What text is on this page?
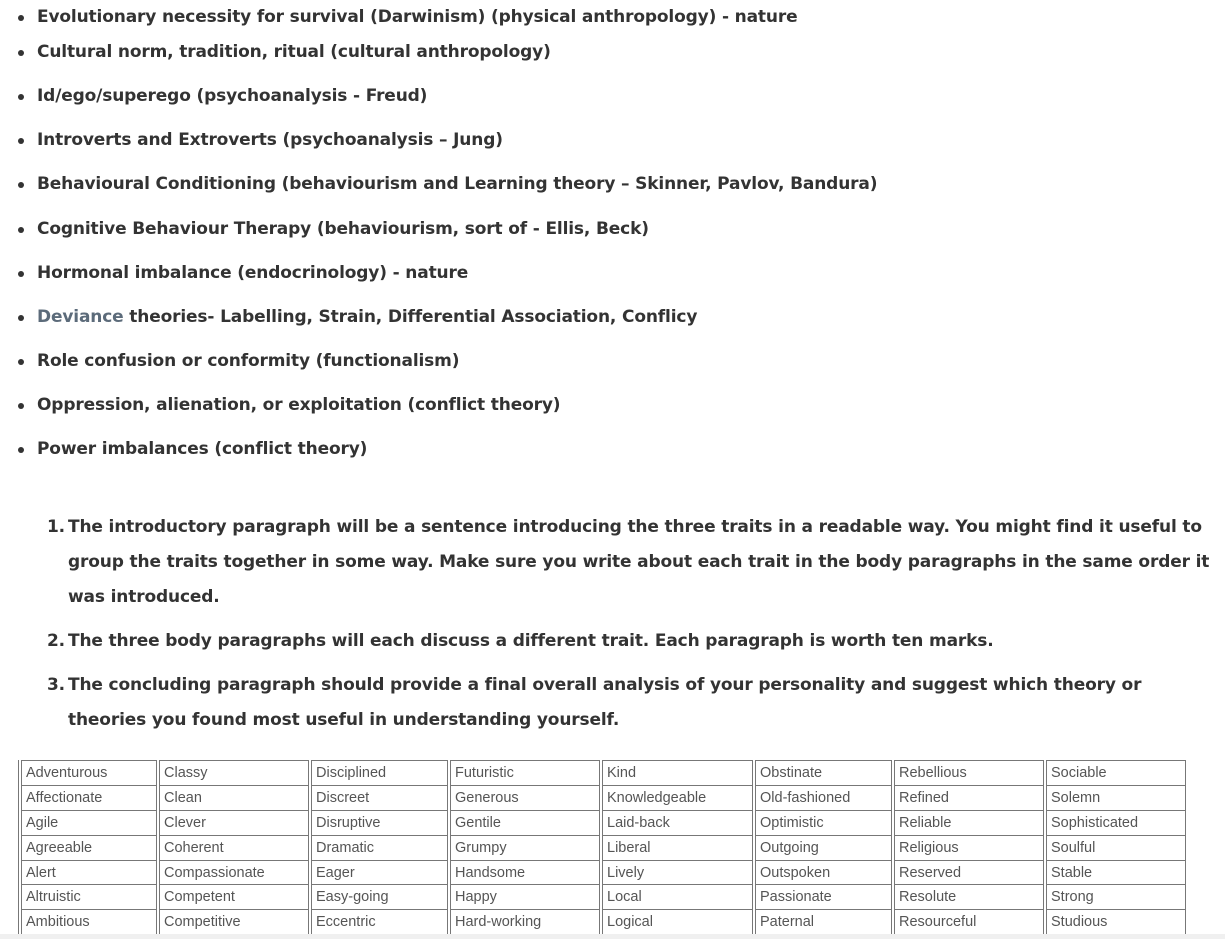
Evolutionary necessity for survival (Darwinism) (physical anthropology) - nature
Cultural norm, tradition, ritual (cultural anthropology)
Id/ego/superego (psychoanalysis - Freud)
Introverts and Extroverts (psychoanalysis – Jung)
Behavioural Conditioning (behaviourism and Learning theory – Skinner, Pavlov, Bandura)
Cognitive Behaviour Therapy (behaviourism, sort of - Ellis, Beck)
Hormonal imbalance (endocrinology) - nature
Deviance theories- Labelling, Strain, Differential Association, Conflicy
Role confusion or conformity (functionalism)
Oppression, alienation, or exploitation (conflict theory)
Power imbalances (conflict theory)
1. The introductory paragraph will be a sentence introducing the three traits in a readable way. You might find it useful to group the traits together in some way. Make sure you write about each trait in the body paragraphs in the same order it was introduced.
2. The three body paragraphs will each discuss a different trait. Each paragraph is worth ten marks.
3. The concluding paragraph should provide a final overall analysis of your personality and suggest which theory or theories you found most useful in understanding yourself.
Adventurous	Classy	Disciplined	Futuristic	Kind	Obstinate	Rebellious	Sociable
Affectionate	Clean	Discreet	Generous	Knowledgeable	Old-fashioned	Refined	Solemn
Agile	Clever	Disruptive	Gentile	Laid-back	Optimistic	Reliable	Sophisticated
Agreeable	Coherent	Dramatic	Grumpy	Liberal	Outgoing	Religious	Soulful
Alert	Compassionate	Eager	Handsome	Lively	Outspoken	Reserved	Stable
Altruistic	Competent	Easy-going	Happy	Local	Passionate	Resolute	Strong
Ambitious	Competitive	Eccentric	Hard-working	Logical	Paternal	Resourceful	Studious
